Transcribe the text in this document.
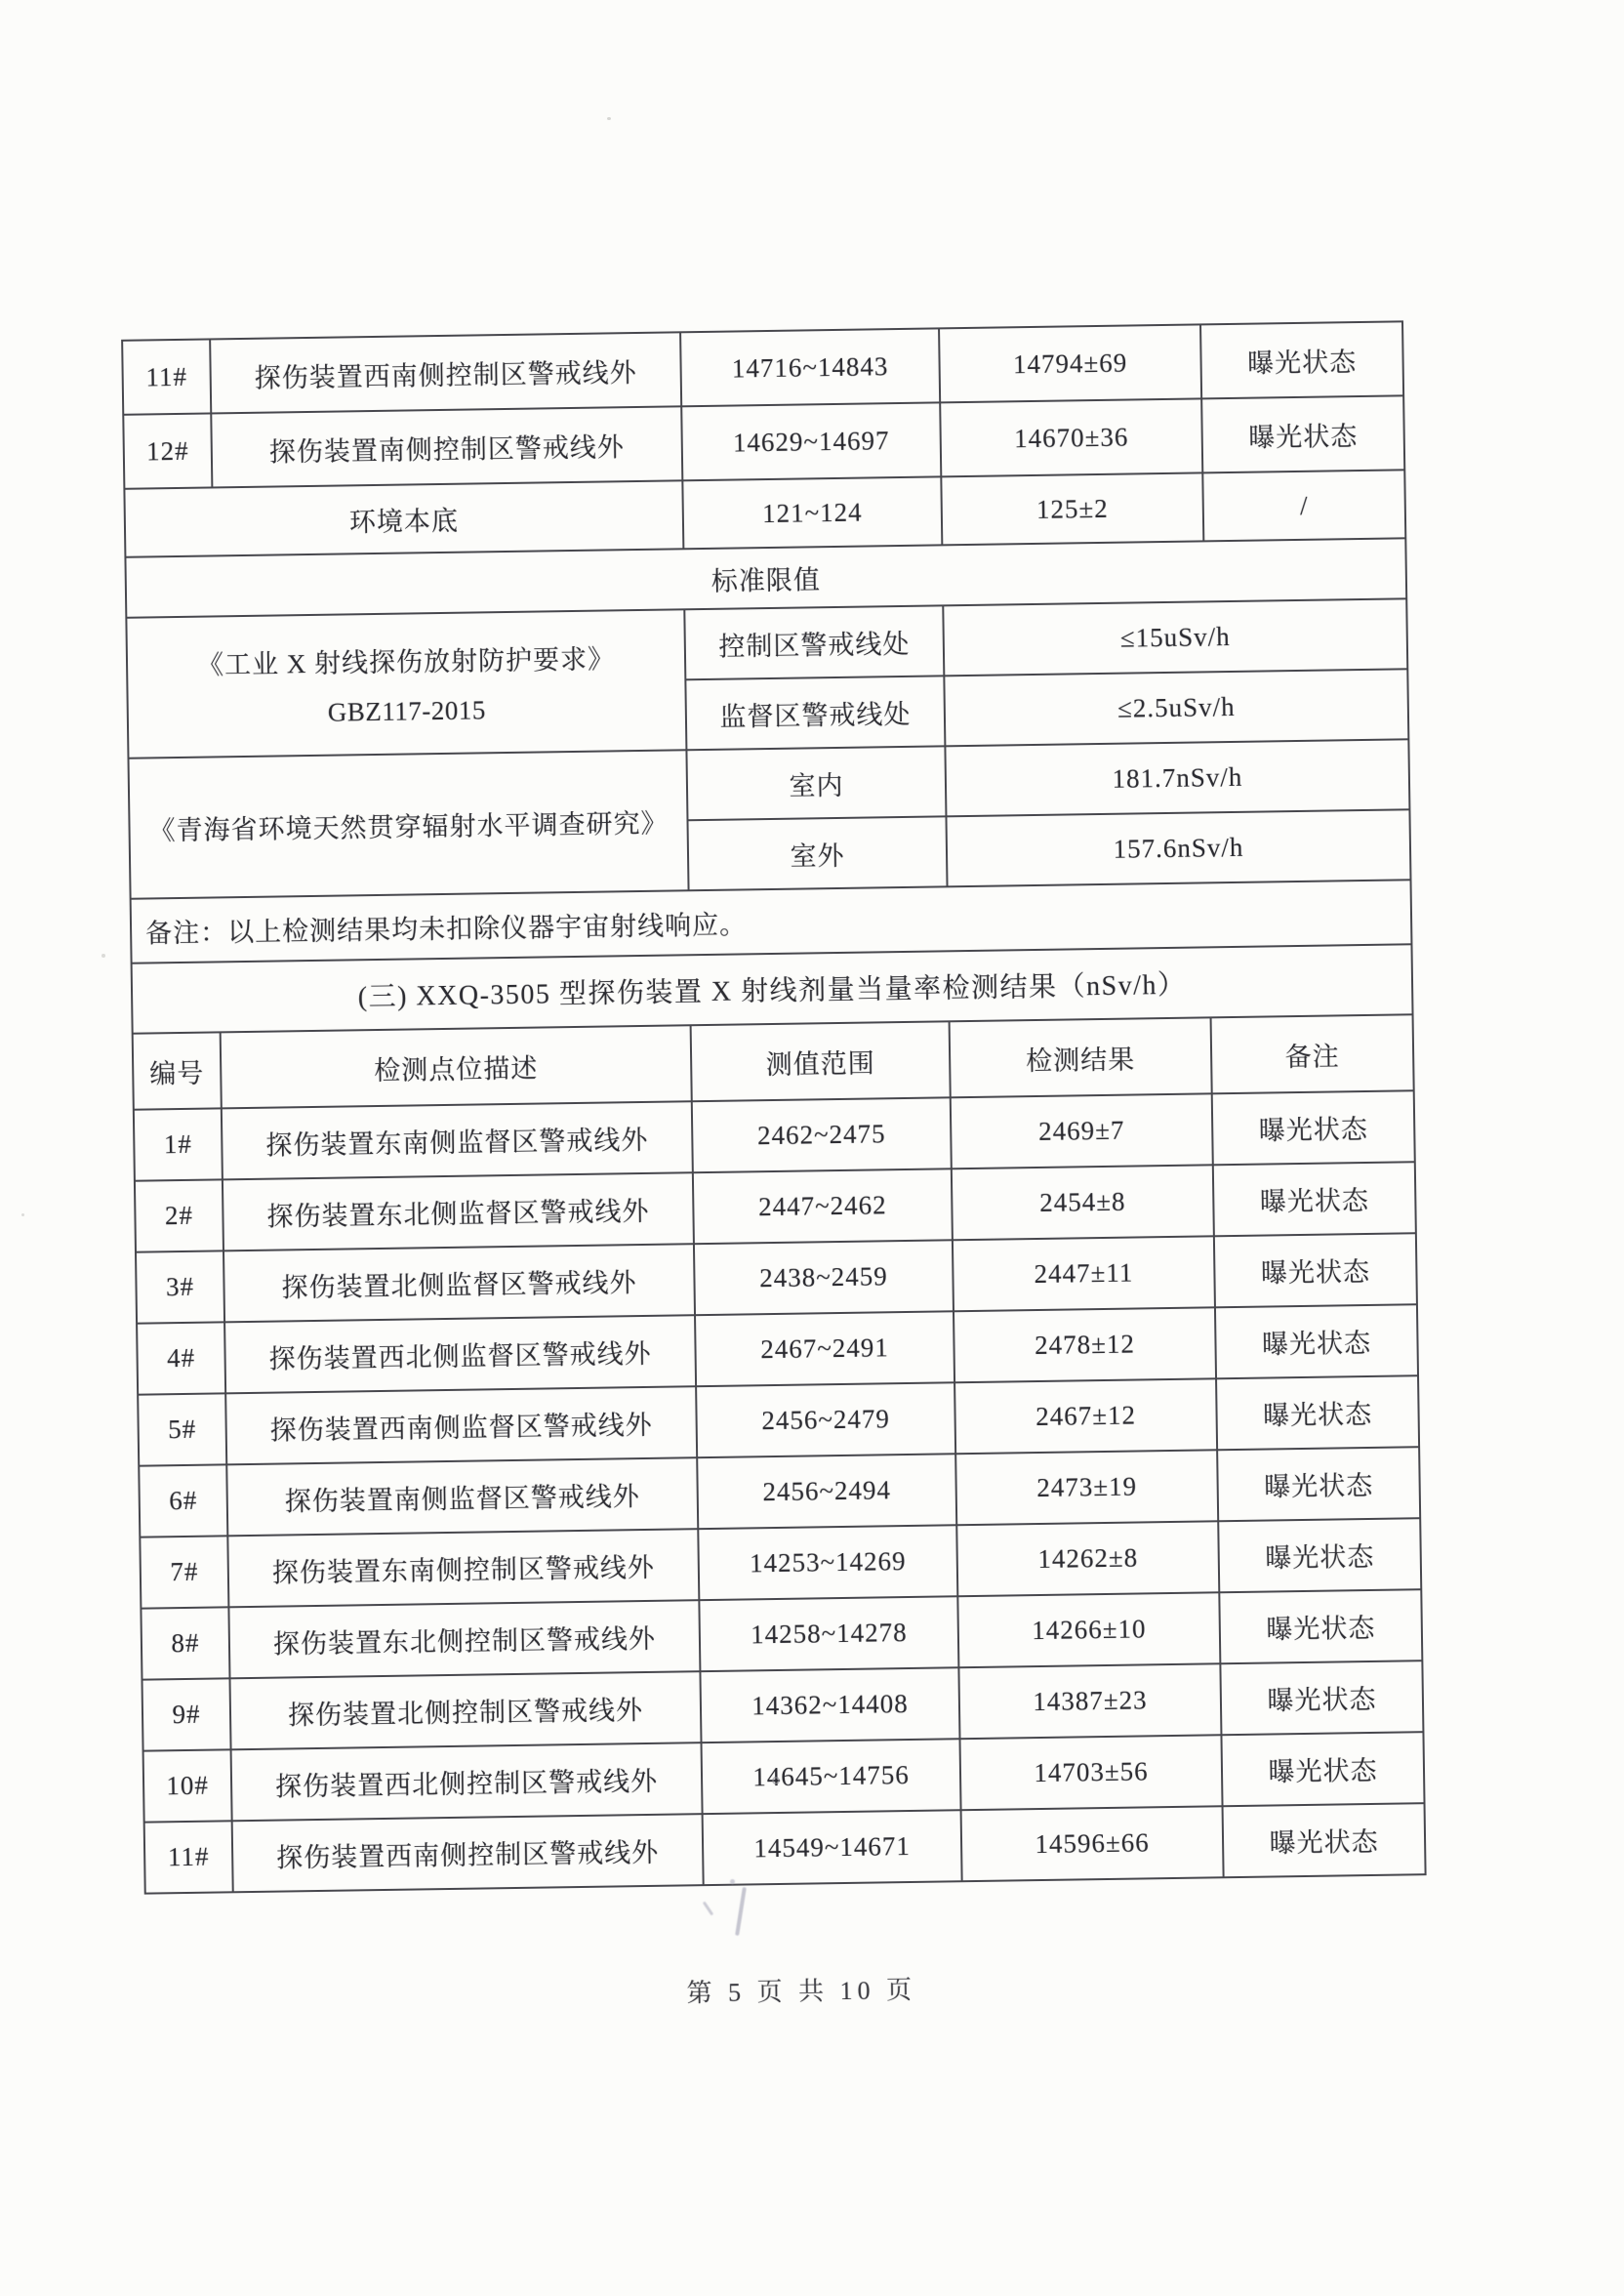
11#	探伤装置西南侧控制区警戒线外	14716~14843	14794±69	曝光状态
12#	探伤装置南侧控制区警戒线外	14629~14697	14670±36	曝光状态
环境本底		121~124	125±2	/
标准限值				

《工业 X 射线探伤放射防护要求》
GBZ117-2015		控制区警戒线处	≤15uSv/h	
		监督区警戒线处	≤2.5uSv/h	

《青海省环境天然贯穿辐射水平调查研究》		室内	181.7nSv/h	
		室外	157.6nSv/h	
备注：以上检测结果均未扣除仪器宇宙射线响应。				
(三) XXQ-3505 型探伤装置 X 射线剂量当量率检测结果（nSv/h）				
编号	检测点位描述	测值范围	检测结果	备注
1#	探伤装置东南侧监督区警戒线外	2462~2475	2469±7	曝光状态
2#	探伤装置东北侧监督区警戒线外	2447~2462	2454±8	曝光状态
3#	探伤装置北侧监督区警戒线外	2438~2459	2447±11	曝光状态
4#	探伤装置西北侧监督区警戒线外	2467~2491	2478±12	曝光状态
5#	探伤装置西南侧监督区警戒线外	2456~2479	2467±12	曝光状态
6#	探伤装置南侧监督区警戒线外	2456~2494	2473±19	曝光状态
7#	探伤装置东南侧控制区警戒线外	14253~14269	14262±8	曝光状态
8#	探伤装置东北侧控制区警戒线外	14258~14278	14266±10	曝光状态
9#	探伤装置北侧控制区警戒线外	14362~14408	14387±23	曝光状态
10#	探伤装置西北侧控制区警戒线外	14645~14756	14703±56	曝光状态
11#	探伤装置西南侧控制区警戒线外	14549~14671	14596±66	曝光状态
第 5 页 共 10 页
